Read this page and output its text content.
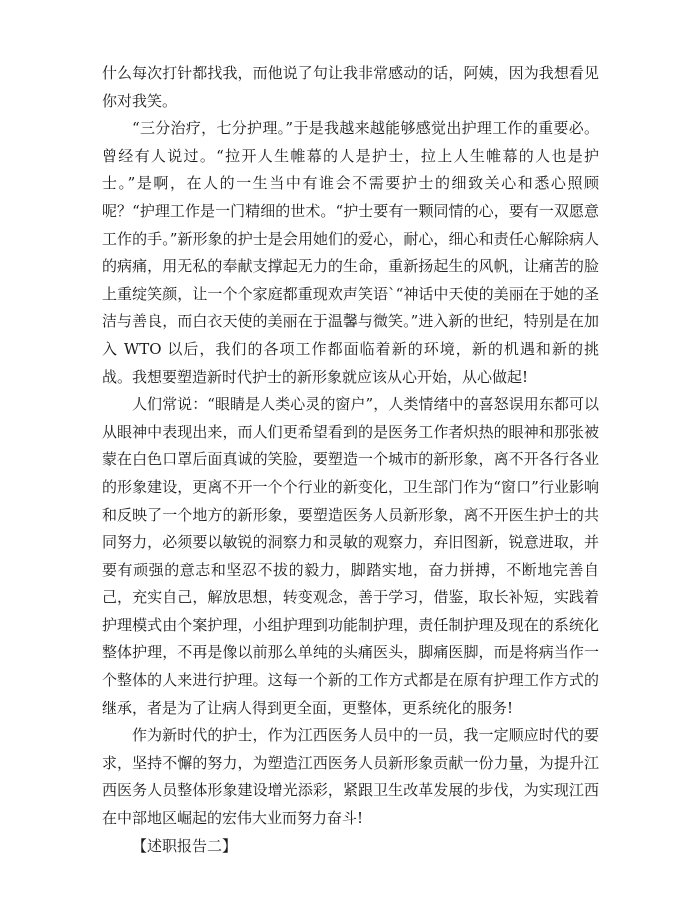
什么每次打针都找我，而他说了句让我非常感动的话，阿姨，因为我想看见你对我笑。

“三分治疗，七分护理。”于是我越来越能够感觉出护理工作的重要必。曾经有人说过。“拉开人生帷幕的人是护士，拉上人生帷幕的人也是护士。”是啊，在人的一生当中有谁会不需要护士的细致关心和悉心照顾呢？“护理工作是一门精细的世术。“护士要有一颗同情的心，要有一双愿意工作的手。”新形象的护士是会用她们的爱心，耐心，细心和责任心解除病人的病痛，用无私的奉献支撑起无力的生命，重新扬起生的风帆，让痛苦的脸上重绽笑颜，让一个个家庭都重现欢声笑语`“神话中天使的美丽在于她的圣洁与善良，而白衣天使的美丽在于温馨与微笑。”进入新的世纪，特别是在加入 WTO 以后，我们的各项工作都面临着新的环境，新的机遇和新的挑战。我想要塑造新时代护士的新形象就应该从心开始，从心做起!

人们常说：“眼睛是人类心灵的窗户”，人类情绪中的喜怒误用东都可以从眼神中表现出来，而人们更希望看到的是医务工作者炽热的眼神和那张被蒙在白色口罩后面真诚的笑脸，要塑造一个城市的新形象，离不开各行各业的形象建设，更离不开一个个行业的新变化，卫生部门作为“窗口”行业影响和反映了一个地方的新形象，要塑造医务人员新形象，离不开医生护士的共同努力，必须要以敏锐的洞察力和灵敏的观察力，弃旧图新，锐意进取，并要有顽强的意志和坚忍不拔的毅力，脚踏实地，奋力拼搏，不断地完善自己，充实自己，解放思想，转变观念，善于学习，借鉴，取长补短，实践着护理模式由个案护理，小组护理到功能制护理，责任制护理及现在的系统化整体护理，不再是像以前那么单纯的头痛医头，脚痛医脚，而是将病当作一个整体的人来进行护理。这每一个新的工作方式都是在原有护理工作方式的继承，者是为了让病人得到更全面，更整体，更系统化的服务!

作为新时代的护士，作为江西医务人员中的一员，我一定顺应时代的要求，坚持不懈的努力，为塑造江西医务人员新形象贡献一份力量，为提升江西医务人员整体形象建设增光添彩，紧跟卫生改革发展的步伐，为实现江西在中部地区崛起的宏伟大业而努力奋斗!

【述职报告二】
